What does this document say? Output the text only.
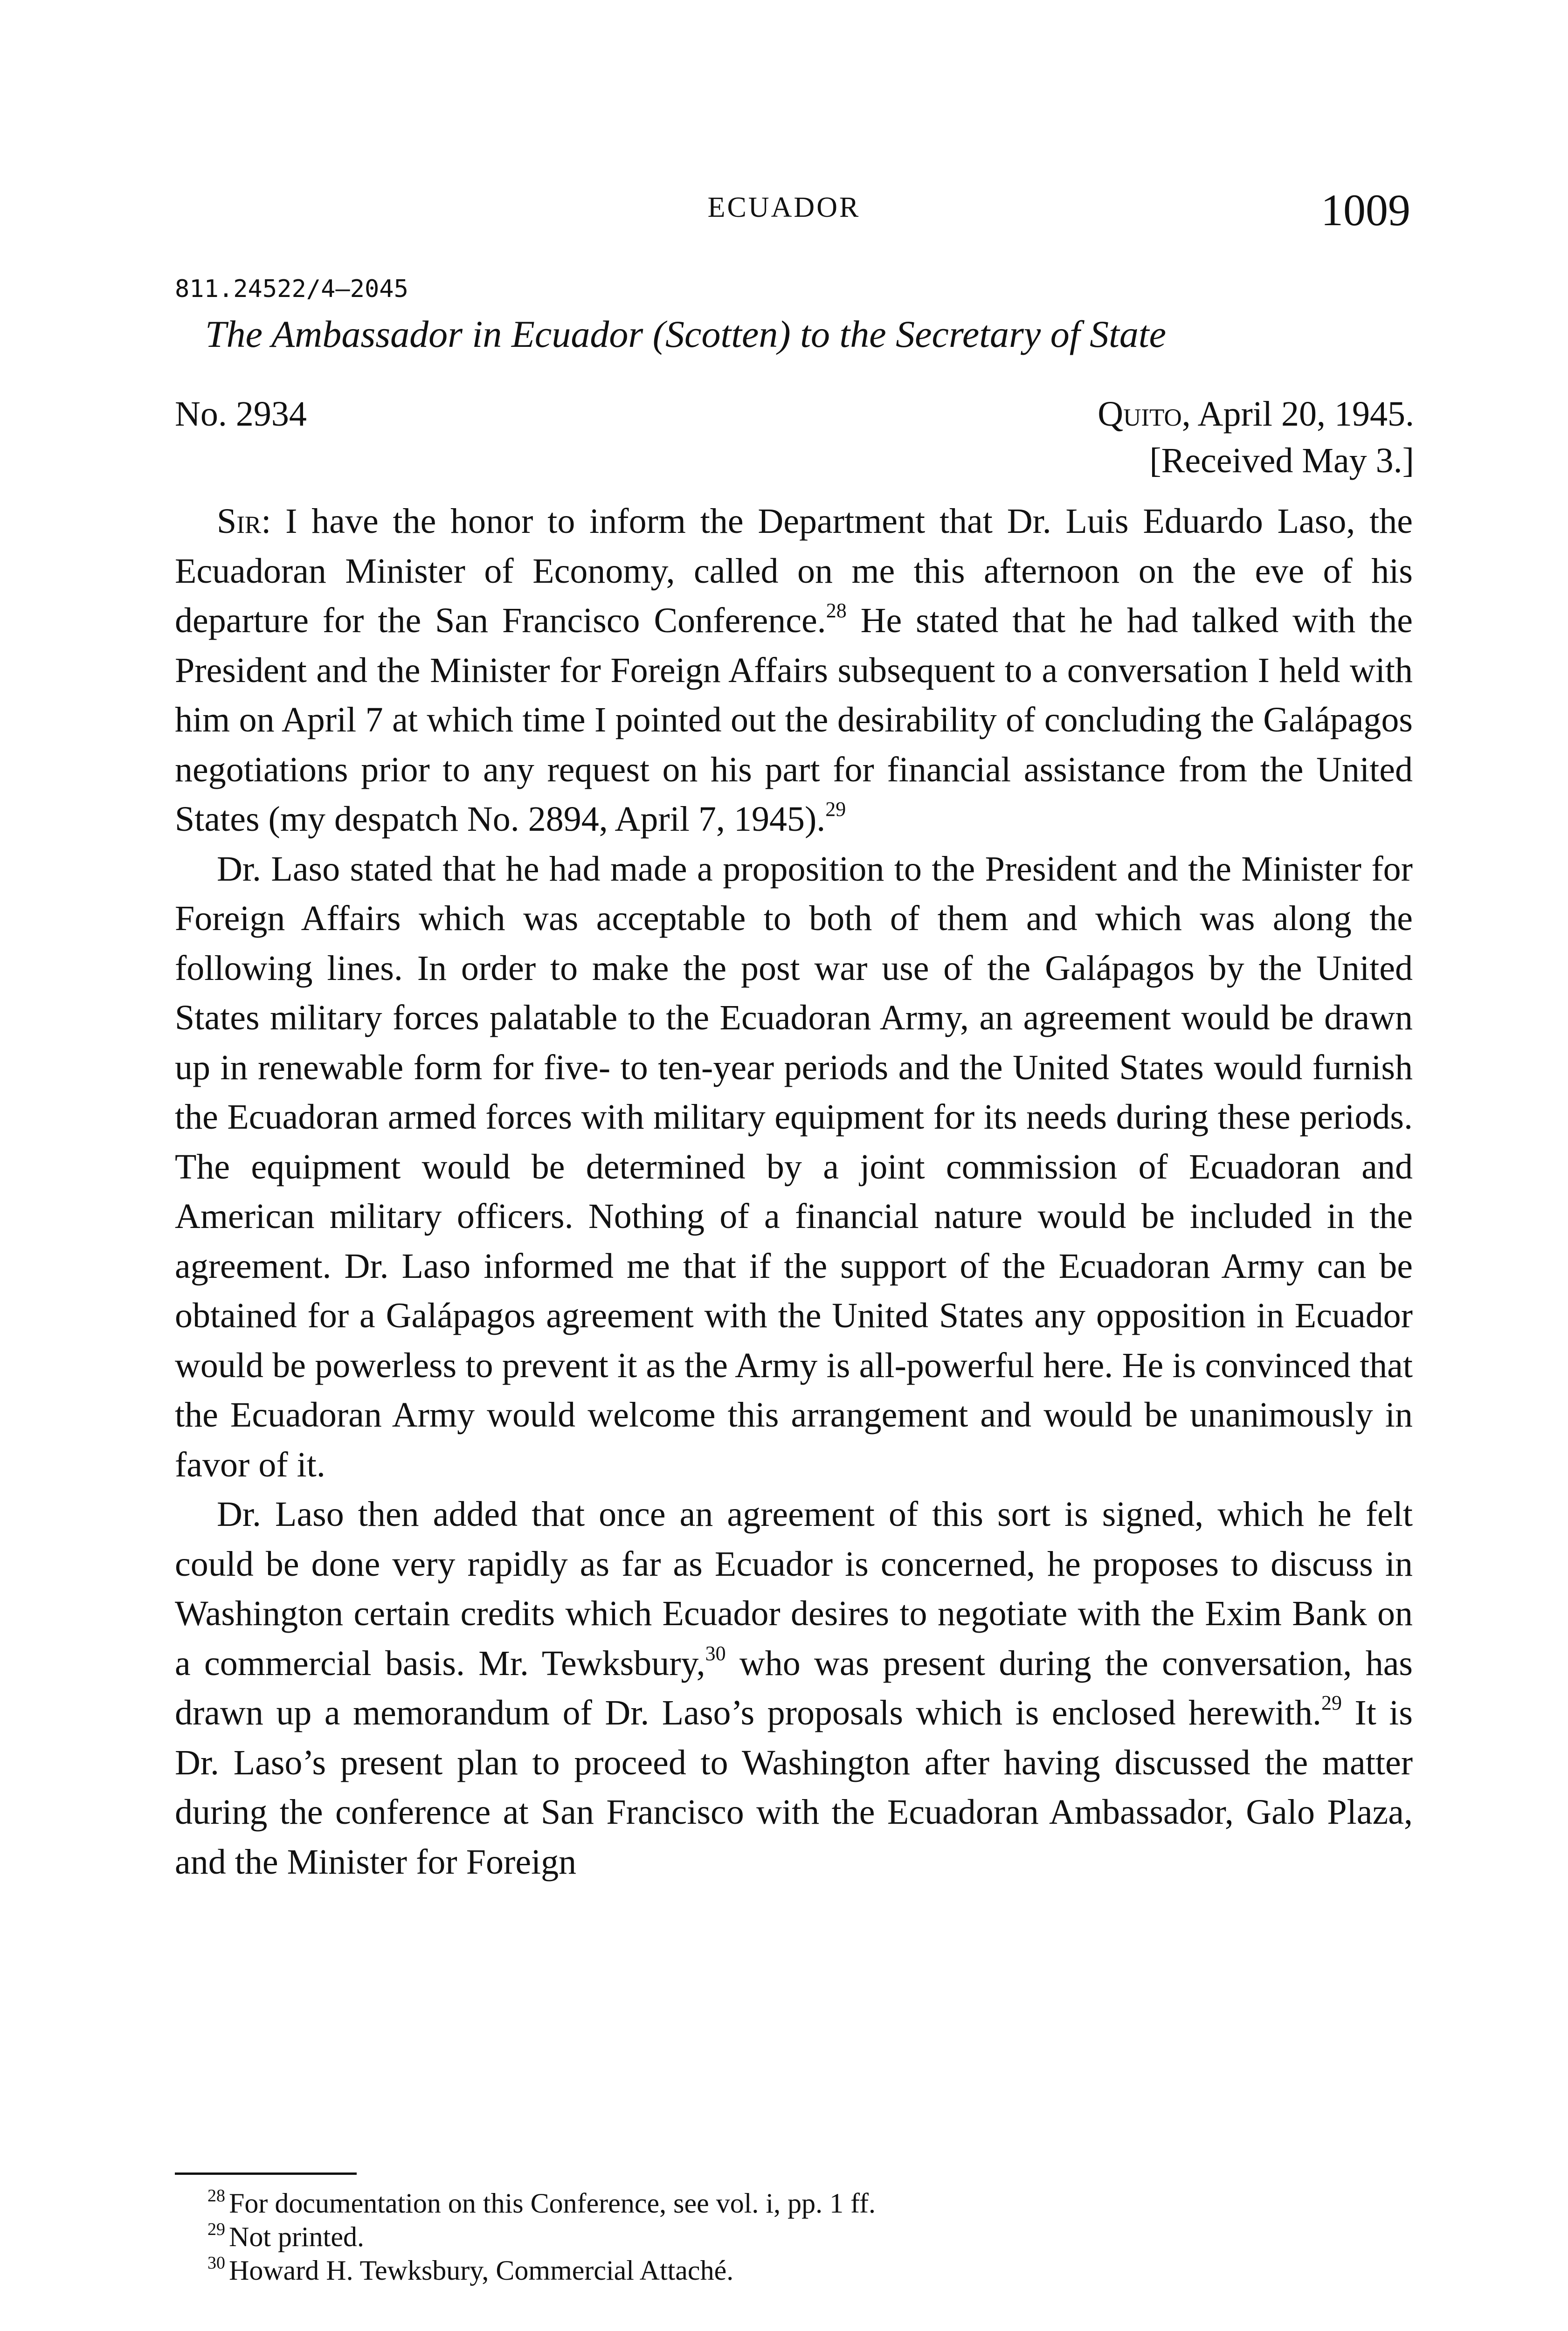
ECUADOR	1009
811.24522/4–2045
The Ambassador in Ecuador (Scotten) to the Secretary of State
No. 2934	Quito, April 20, 1945.
[Received May 3.]

Sir: I have the honor to inform the Department that Dr. Luis Eduardo Laso, the Ecuadoran Minister of Economy, called on me this afternoon on the eve of his departure for the San Francisco Conference.$^{28}$ He stated that he had talked with the President and the Minister for Foreign Affairs subsequent to a conversation I held with him on April 7 at which time I pointed out the desirability of concluding the Galápagos negotiations prior to any request on his part for financial assistance from the United States (my despatch No. 2894, April 7, 1945).$^{29}$

Dr. Laso stated that he had made a proposition to the President and the Minister for Foreign Affairs which was acceptable to both of them and which was along the following lines. In order to make the post war use of the Galápagos by the United States military forces palatable to the Ecuadoran Army, an agreement would be drawn up in renewable form for five- to ten-year periods and the United States would furnish the Ecuadoran armed forces with military equipment for its needs during these periods. The equipment would be determined by a joint commission of Ecuadoran and American military officers. Nothing of a financial nature would be included in the agreement. Dr. Laso informed me that if the support of the Ecuadoran Army can be obtained for a Galápagos agreement with the United States any opposition in Ecuador would be powerless to prevent it as the Army is all-powerful here. He is convinced that the Ecuadoran Army would welcome this arrangement and would be unanimously in favor of it.

Dr. Laso then added that once an agreement of this sort is signed, which he felt could be done very rapidly as far as Ecuador is concerned, he proposes to discuss in Washington certain credits which Ecuador desires to negotiate with the Exim Bank on a commercial basis. Mr. Tewksbury,$^{30}$ who was present during the conversation, has drawn up a memorandum of Dr. Laso’s proposals which is enclosed herewith.$^{29}$ It is Dr. Laso’s present plan to proceed to Washington after having discussed the matter during the conference at San Francisco with the Ecuadoran Ambassador, Galo Plaza, and the Minister for Foreign

$^{28}$ For documentation on this Conference, see vol. i, pp. 1 ff.
$^{29}$ Not printed.
$^{30}$ Howard H. Tewksbury, Commercial Attaché.
